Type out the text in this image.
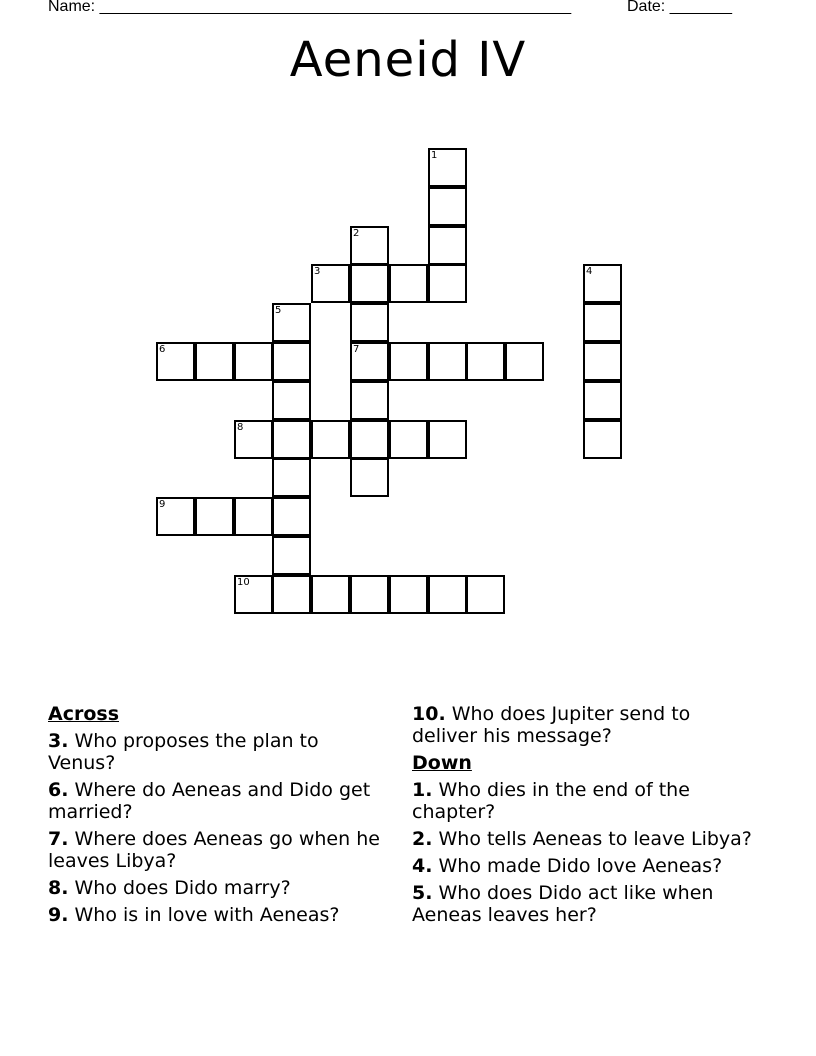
Name: _____________________________________________________	Date: _______
Aeneid IV
1
2
3	4
5
6	7
8
9
10
Across
3. Who proposes the plan to Venus?
6. Where do Aeneas and Dido get married?
7. Where does Aeneas go when he leaves Libya?
8. Who does Dido marry?
9. Who is in love with Aeneas?
10. Who does Jupiter send to deliver his message?
Down
1. Who dies in the end of the chapter?
2. Who tells Aeneas to leave Libya?
4. Who made Dido love Aeneas?
5. Who does Dido act like when Aeneas leaves her?
